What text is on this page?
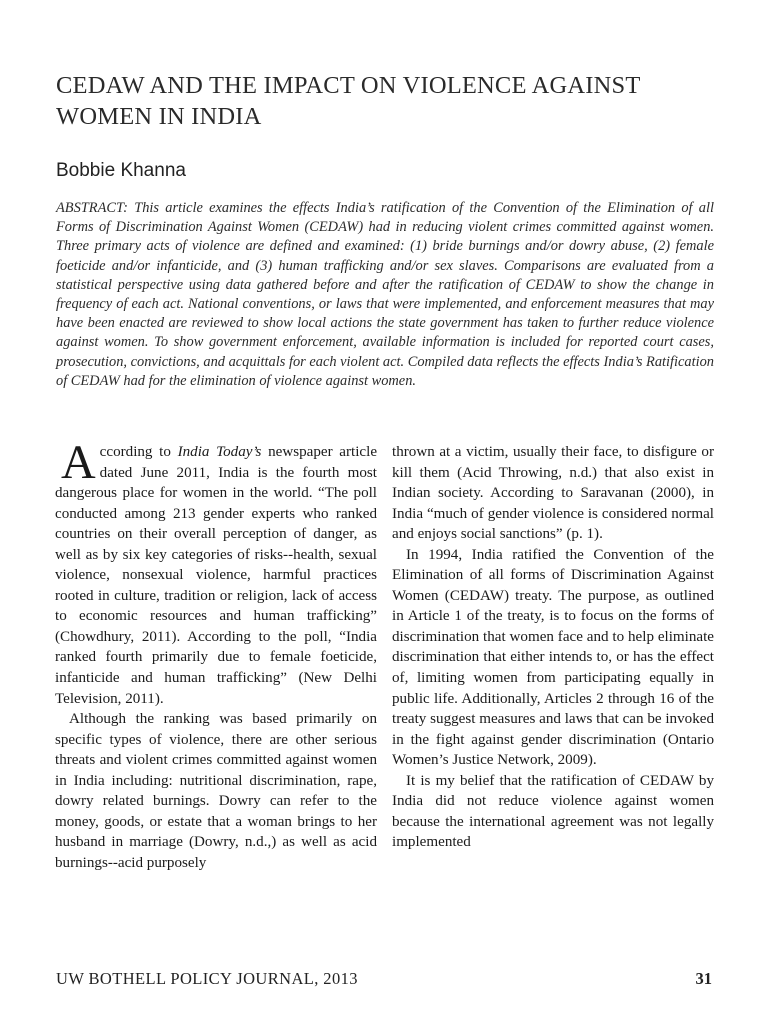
CEDAW AND THE IMPACT ON VIOLENCE AGAINST WOMEN IN INDIA
Bobbie Khanna

ABSTRACT: This article examines the effects India’s ratification of the Convention of the Elimination of all Forms of Discrimination Against Women (CEDAW) had in reducing violent crimes committed against women. Three primary acts of violence are defined and examined: (1) bride burnings and/or dowry abuse, (2) female foeticide and/or infanticide, and (3) human trafficking and/or sex slaves. Comparisons are evaluated from a statistical perspective using data gathered before and after the ratification of CEDAW to show the change in frequency of each act. National conventions, or laws that were implemented, and enforcement measures that may have been enacted are reviewed to show local actions the state government has taken to further reduce violence against women. To show government enforcement, available information is included for reported court cases, prosecution, convictions, and acquittals for each violent act. Compiled data reflects the effects India’s Ratification of CEDAW had for the elimination of violence against women.

According to India Today’s newspaper article dated June 2011, India is the fourth most dangerous place for women in the world. “The poll conducted among 213 gender experts who ranked countries on their overall perception of danger, as well as by six key categories of risks--health, sexual violence, nonsexual violence, harmful practices rooted in culture, tradition or religion, lack of access to economic resources and human trafficking” (Chowdhury, 2011). According to the poll, “India ranked fourth primarily due to female foeticide, infanticide and human trafficking” (New Delhi Television, 2011).

Although the ranking was based primarily on specific types of violence, there are other serious threats and violent crimes committed against women in India including: nutritional discrimination, rape, dowry related burnings. Dowry can refer to the money, goods, or estate that a woman brings to her husband in marriage (Dowry, n.d.,) as well as acid burnings--acid purposely

thrown at a victim, usually their face, to disfigure or kill them (Acid Throwing, n.d.) that also exist in Indian society. According to Saravanan (2000), in India “much of gender violence is considered normal and enjoys social sanctions” (p. 1).

In 1994, India ratified the Convention of the Elimination of all forms of Discrimination Against Women (CEDAW) treaty. The purpose, as outlined in Article 1 of the treaty, is to focus on the forms of discrimination that women face and to help eliminate discrimination that either intends to, or has the effect of, limiting women from participating equally in public life. Additionally, Articles 2 through 16 of the treaty suggest measures and laws that can be invoked in the fight against gender discrimination (Ontario Women’s Justice Network, 2009).

It is my belief that the ratification of CEDAW by India did not reduce violence against women because the international agreement was not legally implemented

UW BOTHELL POLICY JOURNAL, 2013	31
